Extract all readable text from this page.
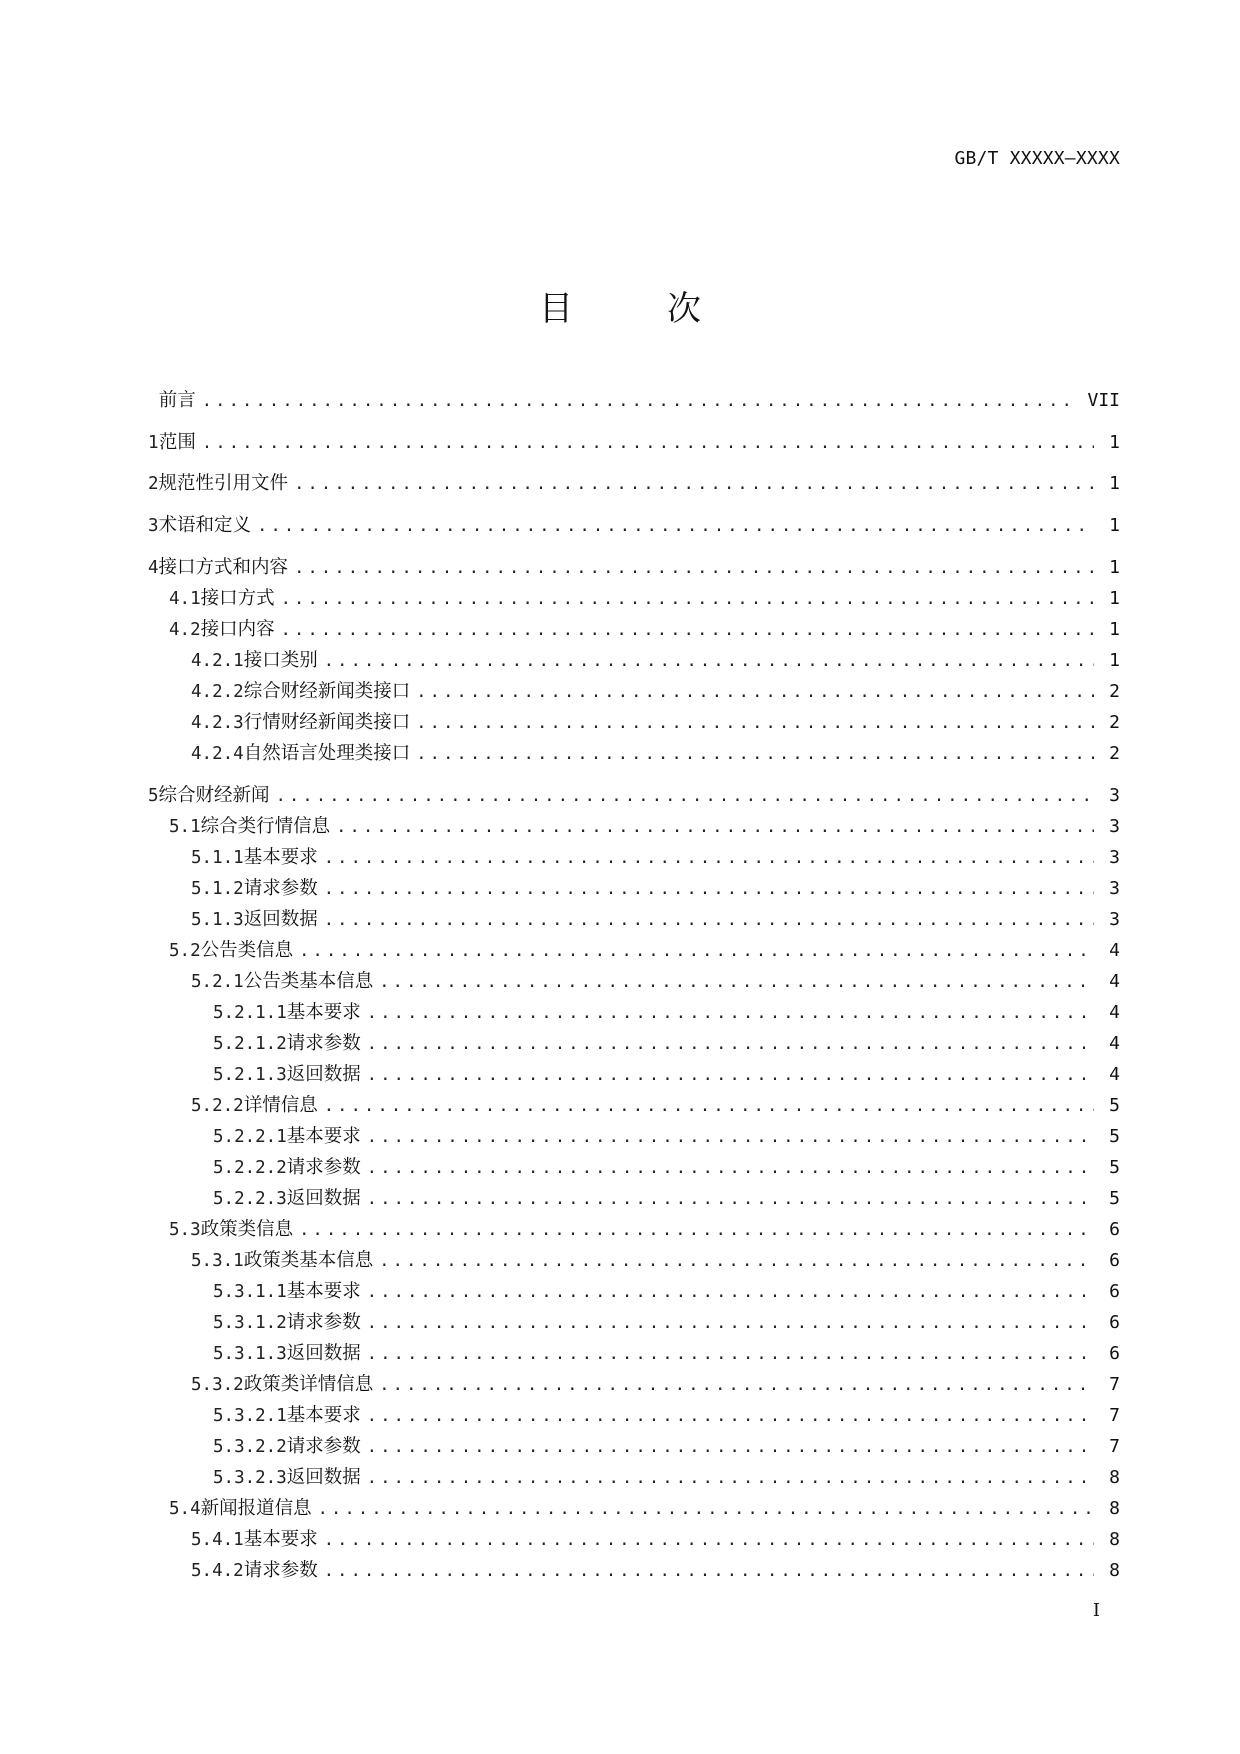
GB/T XXXXX—XXXX
目　次
前言 .....	VII
1 范围 .....	1
2 规范性引用文件 .....	1
3 术语和定义 .....	1
4 接口方式和内容 .....	1
4.1 接口方式 .....	1
4.2 接口内容 .....	1
4.2.1 接口类别 .....	1
4.2.2 综合财经新闻类接口 .....	2
4.2.3 行情财经新闻类接口 .....	2
4.2.4 自然语言处理类接口 .....	2
5 综合财经新闻 .....	3
5.1 综合类行情信息 .....	3
5.1.1 基本要求 .....	3
5.1.2 请求参数 .....	3
5.1.3 返回数据 .....	3
5.2 公告类信息 .....	4
5.2.1 公告类基本信息 .....	4
5.2.1.1 基本要求 .....	4
5.2.1.2 请求参数 .....	4
5.2.1.3 返回数据 .....	4
5.2.2 详情信息 .....	5
5.2.2.1 基本要求 .....	5
5.2.2.2 请求参数 .....	5
5.2.2.3 返回数据 .....	5
5.3 政策类信息 .....	6
5.3.1 政策类基本信息 .....	6
5.3.1.1 基本要求 .....	6
5.3.1.2 请求参数 .....	6
5.3.1.3 返回数据 .....	6
5.3.2 政策类详情信息 .....	7
5.3.2.1 基本要求 .....	7
5.3.2.2 请求参数 .....	7
5.3.2.3 返回数据 .....	8
5.4 新闻报道信息 .....	8
5.4.1 基本要求 .....	8
5.4.2 请求参数 .....	8
I
